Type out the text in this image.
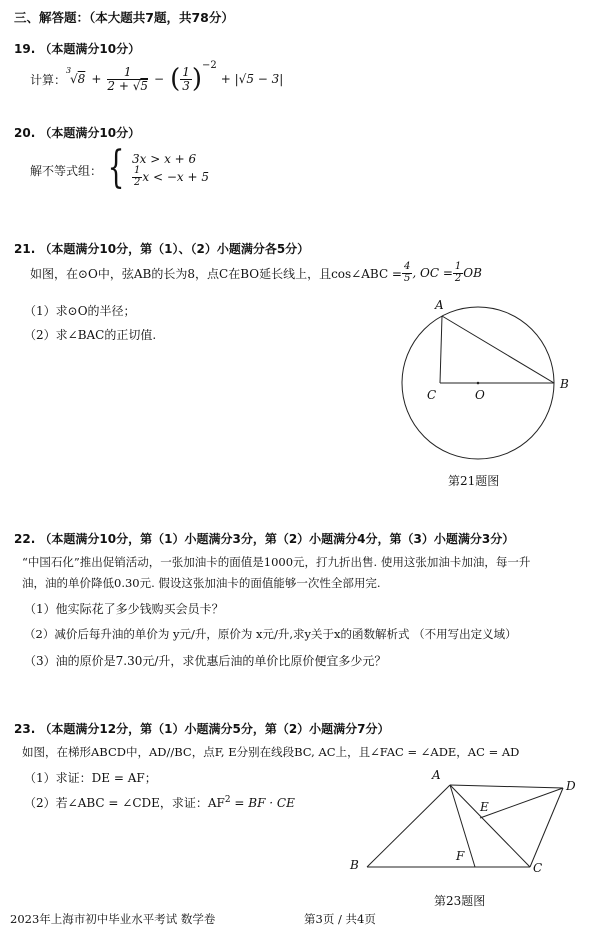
三、解答题：（本大题共7题，共78分）
19. （本题满分10分）
计算：
3
$√8 + \frac{1}{2 + √5}$ − ( $\frac{1}{3}$ ) −2
+ |√5 − 3|
20. （本题满分10分）
解不等式组： { 3x > x + 6
$\frac{1}{2}$ x < −x + 5
21. （本题满分10分，第（1）、（2）小题满分各5分）
如图，在⊙O中，弦AB的长为8，点C在BO延长线上，且cos∠ABC = $\frac{4}{5}$ , OC = $\frac{1}{2}$ OB
（1）求⊙O的半径；
（2）求∠BAC的正切值.
A
B
C	O
第21题图
22. （本题满分10分，第（1）小题满分3分，第（2）小题满分4分，第（3）小题满分3分）
“中国石化”推出促销活动，一张加油卡的面值是1000元，打九折出售. 使用这张加油卡加油，每一升
油，油的单价降低0.30元. 假设这张加油卡的面值能够一次性全部用完.
（1）他实际花了多少钱购买会员卡？
（2）减价后每升油的单价为 y元/升，原价为 x元/升,求y关于x的函数解析式 （不用写出定义域）
（3）油的原价是7.30元/升，求优惠后油的单价比原价便宜多少元？
23. （本题满分12分，第（1）小题满分5分，第（2）小题满分7分）
如图，在梯形ABCD中，AD//BC，点F, E分别在线段BC, AC上，且∠FAC = ∠ADE，AC = AD
（1）求证：DE = AF；
（2）若∠ABC = ∠CDE，求证：$AF^2$ = BF · CE
A
D
E
F
B	C
第23题图
2023年上海市初中毕业水平考试 数学卷	第3页 / 共4页
